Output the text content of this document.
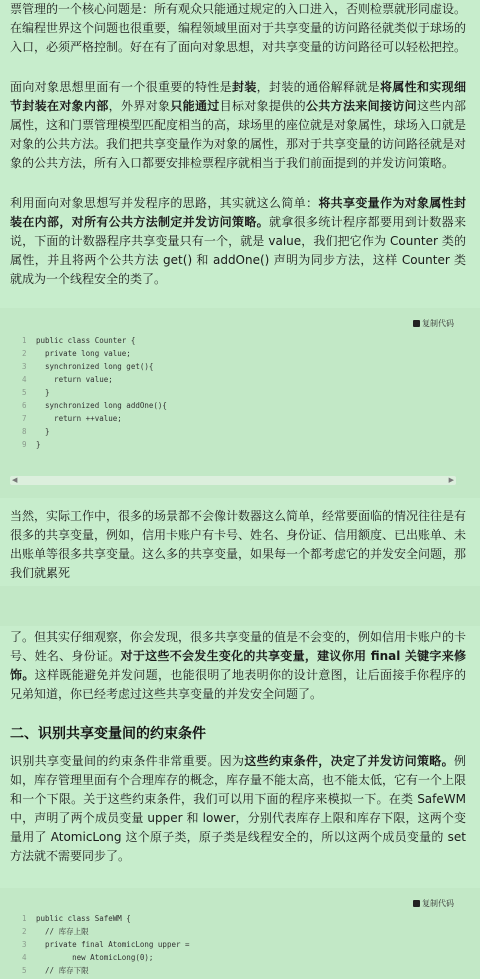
票管理的一个核心问题是：所有观众只能通过规定的入口进入，否则检票就形同虚设。在编程世界这个问题也很重要，编程领域里面对于共享变量的访问路径就类似于球场的入口，必须严格控制。好在有了面向对象思想，对共享变量的访问路径可以轻松把控。

面向对象思想里面有一个很重要的特性是封装，封装的通俗解释就是将属性和实现细节封装在对象内部，外界对象只能通过目标对象提供的公共方法来间接访问这些内部属性，这和门票管理模型匹配度相当的高，球场里的座位就是对象属性，球场入口就是对象的公共方法。我们把共享变量作为对象的属性，那对于共享变量的访问路径就是对象的公共方法，所有入口都要安排检票程序就相当于我们前面提到的并发访问策略。

利用面向对象思想写并发程序的思路，其实就这么简单：将共享变量作为对象属性封装在内部，对所有公共方法制定并发访问策略。就拿很多统计程序都要用到计数器来说，下面的计数器程序共享变量只有一个，就是 value，我们把它作为 Counter 类的属性，并且将两个公共方法 get() 和 addOne() 声明为同步方法，这样 Counter 类就成为一个线程安全的类了。

复制代码
1 public class Counter {
2  private long value;
3  synchronized long get(){
4    return value;
5  }
6  synchronized long addOne(){
7    return ++value;
8  }
9 }
◀	▶

当然，实际工作中，很多的场景都不会像计数器这么简单，经常要面临的情况往往是有很多的共享变量，例如，信用卡账户有卡号、姓名、身份证、信用额度、已出账单、未出账单等很多共享变量。这么多的共享变量，如果每一个都考虑它的并发安全问题，那我们就累死

了。但其实仔细观察，你会发现，很多共享变量的值是不会变的，例如信用卡账户的卡号、姓名、身份证。对于这些不会发生变化的共享变量，建议你用 final 关键字来修饰。这样既能避免并发问题，也能很明了地表明你的设计意图，让后面接手你程序的兄弟知道，你已经考虑过这些共享变量的并发安全问题了。

二、识别共享变量间的约束条件

识别共享变量间的约束条件非常重要。因为这些约束条件，决定了并发访问策略。例如，库存管理里面有个合理库存的概念，库存量不能太高，也不能太低，它有一个上限和一个下限。关于这些约束条件，我们可以用下面的程序来模拟一下。在类 SafeWM 中，声明了两个成员变量 upper 和 lower，分别代表库存上限和库存下限，这两个变量用了 AtomicLong 这个原子类，原子类是线程安全的，所以这两个成员变量的 set 方法就不需要同步了。

复制代码
1 public class SafeWM {
2  // 库存上限
3  private final AtomicLong upper =
4        new AtomicLong(0);
5  // 库存下限
